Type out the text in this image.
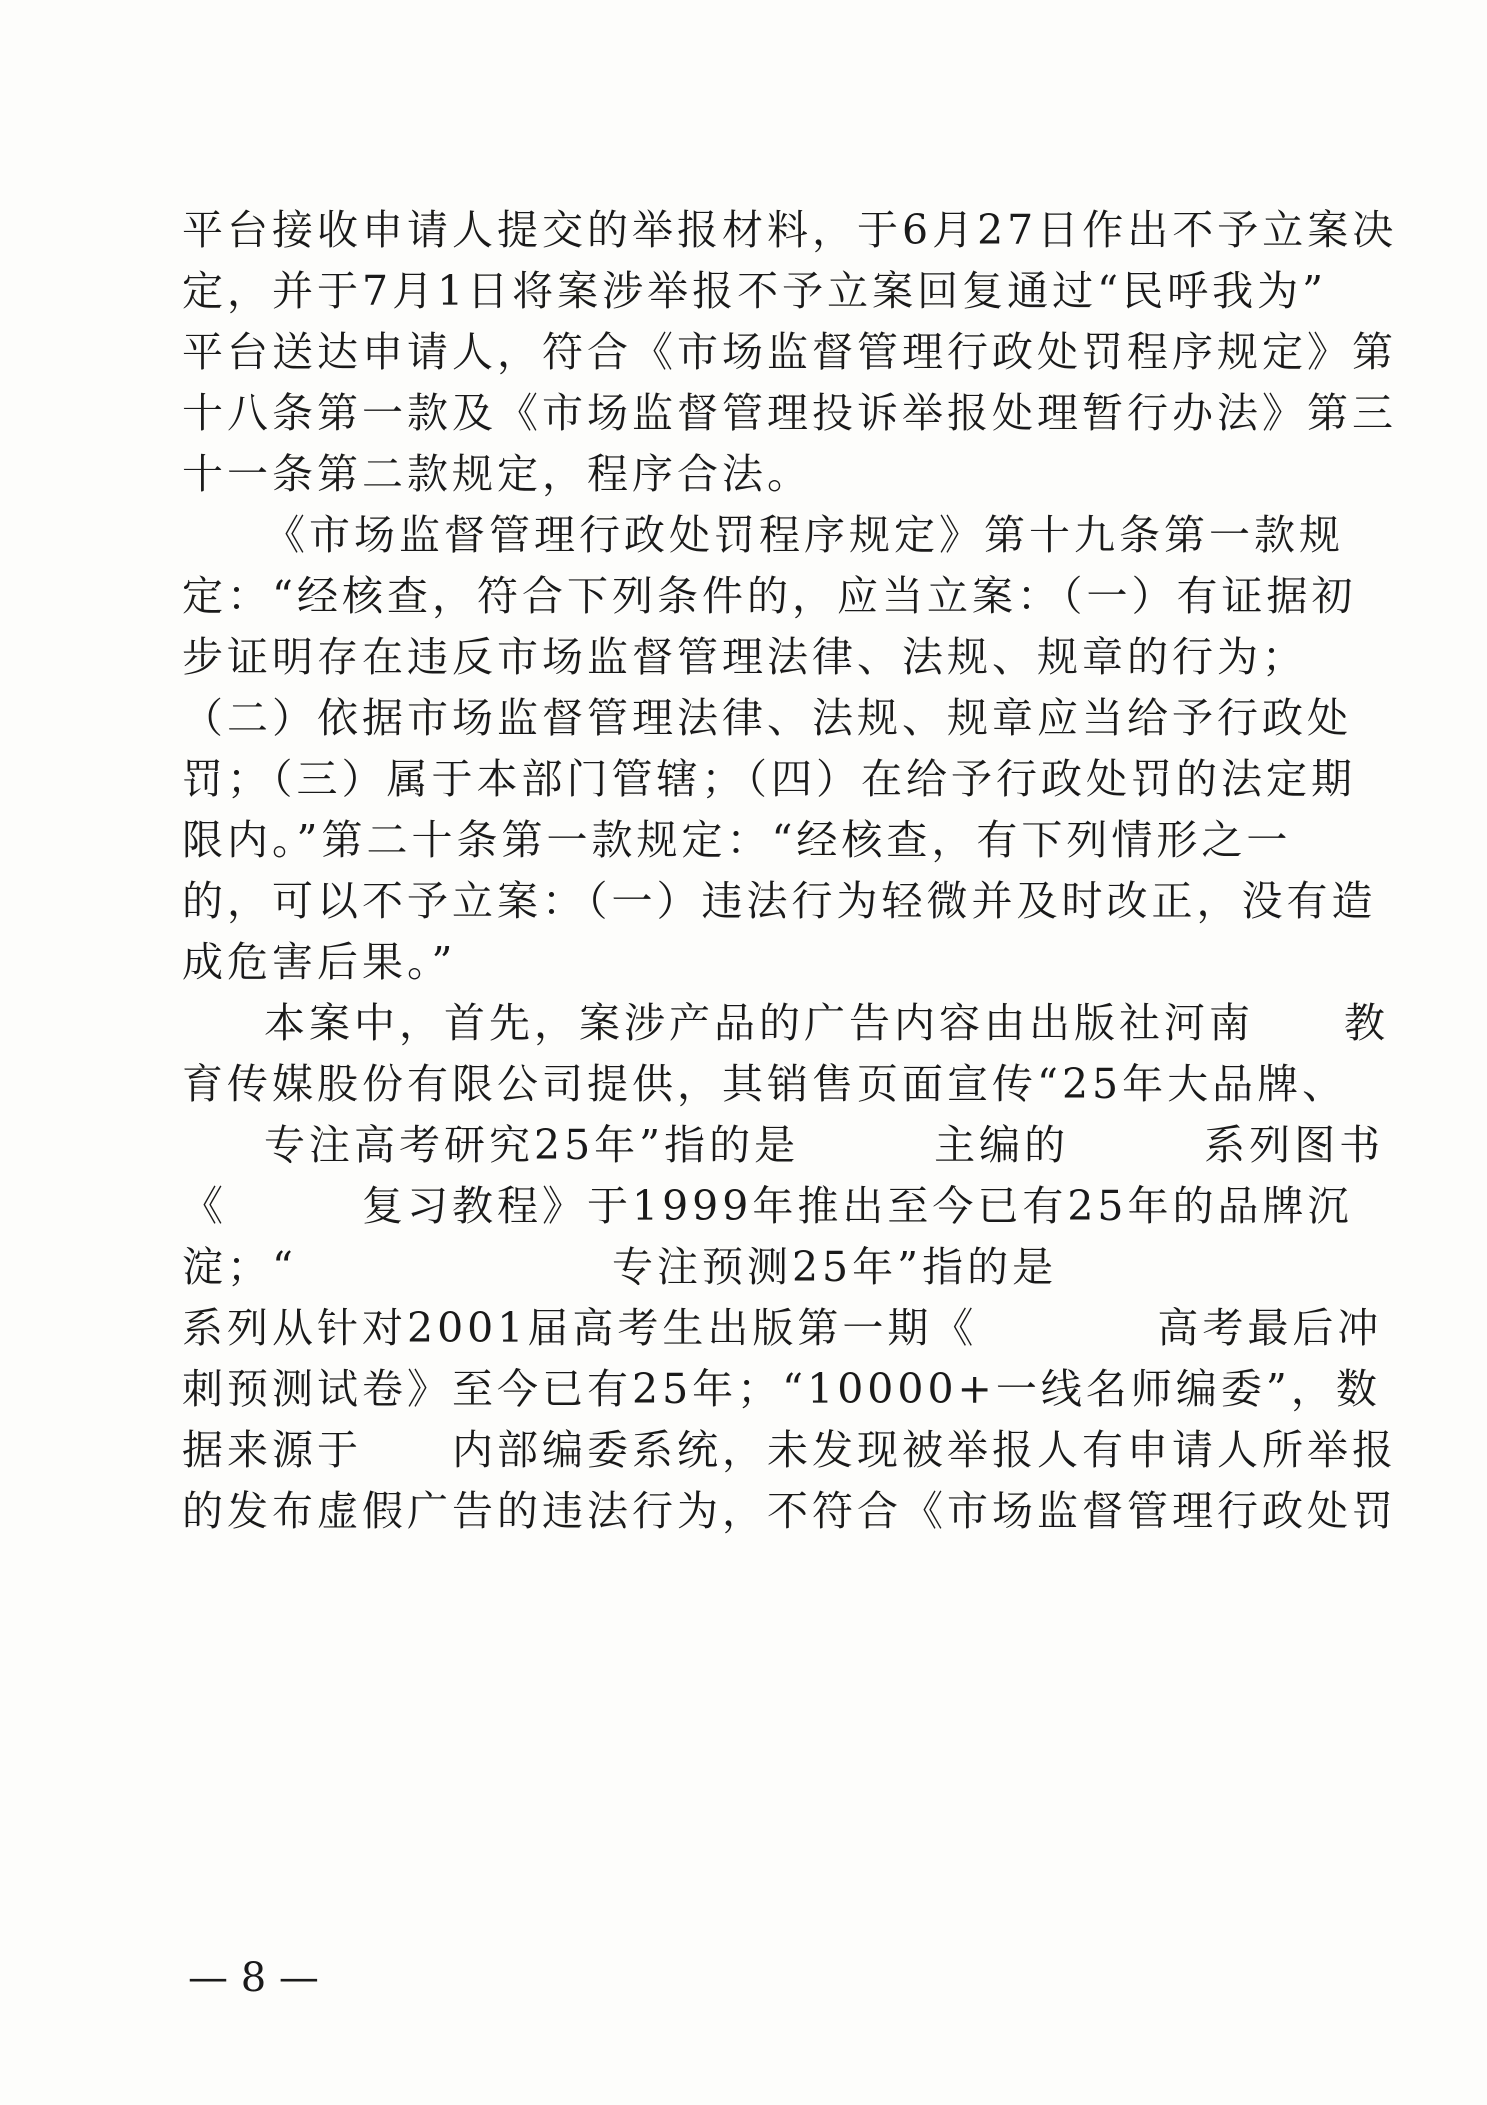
平台接收申请人提交的举报材料，于6月27日作出不予立案决
定，并于7月1日将案涉举报不予立案回复通过“民呼我为”
平台送达申请人，符合《市场监督管理行政处罚程序规定》第
十八条第一款及《市场监督管理投诉举报处理暂行办法》第三
十一条第二款规定，程序合法。
《市场监督管理行政处罚程序规定》第十九条第一款规
定：“经核查，符合下列条件的，应当立案：（一）有证据初
步证明存在违反市场监督管理法律、法规、规章的行为；
（二）依据市场监督管理法律、法规、规章应当给予行政处
罚；（三）属于本部门管辖；（四）在给予行政处罚的法定期
限内。”第二十条第一款规定：“经核查，有下列情形之一
的，可以不予立案：（一）违法行为轻微并及时改正，没有造
成危害后果。”
本案中，首先，案涉产品的广告内容由出版社河南　　教
育传媒股份有限公司提供，其销售页面宣传“25年大品牌、
专注高考研究25年”指的是　　　主编的　　　系列图书
《　　　复习教程》于1999年推出至今已有25年的品牌沉
淀；“　　　　　　　专注预测25年”指的是
系列从针对2001届高考生出版第一期《　　　　高考最后冲
刺预测试卷》至今已有25年；“10000+一线名师编委”，数
据来源于　　内部编委系统，未发现被举报人有申请人所举报
的发布虚假广告的违法行为，不符合《市场监督管理行政处罚
— 8 —
